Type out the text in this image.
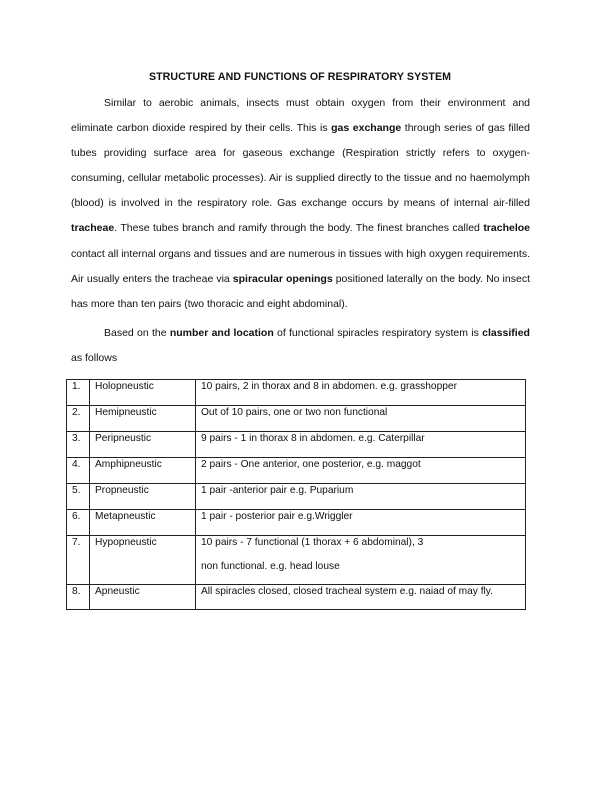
STRUCTURE AND FUNCTIONS OF RESPIRATORY SYSTEM
Similar to aerobic animals, insects must obtain oxygen from their environment and eliminate carbon dioxide respired by their cells. This is gas exchange through series of gas filled tubes providing surface area for gaseous exchange (Respiration strictly refers to oxygen-consuming, cellular metabolic processes). Air is supplied directly to the tissue and no haemolymph (blood) is involved in the respiratory role. Gas exchange occurs by means of internal air-filled tracheae. These tubes branch and ramify through the body. The finest branches called tracheloe contact all internal organs and tissues and are numerous in tissues with high oxygen requirements. Air usually enters the tracheae via spiracular openings positioned laterally on the body. No insect has more than ten pairs (two thoracic and eight abdominal).
Based on the number and location of functional spiracles respiratory system is classified as follows
1.	Holopneustic	10 pairs, 2 in thorax and 8 in abdomen. e.g. grasshopper
2.	Hemipneustic	Out of 10 pairs, one or two non functional
3.	Peripneustic	9 pairs - 1 in thorax 8 in abdomen. e.g. Caterpillar
4.	Amphipneustic	2 pairs - One anterior, one posterior, e.g. maggot
5.	Propneustic	1 pair -anterior pair e.g. Puparium
6.	Metapneustic	1 pair - posterior pair e.g.Wriggler
7.	Hypopneustic	10 pairs - 7 functional (1 thorax + 6 abdominal), 3
non functional. e.g. head louse

8.	Apneustic	All spiracles closed, closed tracheal system e.g. naiad of may fly.
